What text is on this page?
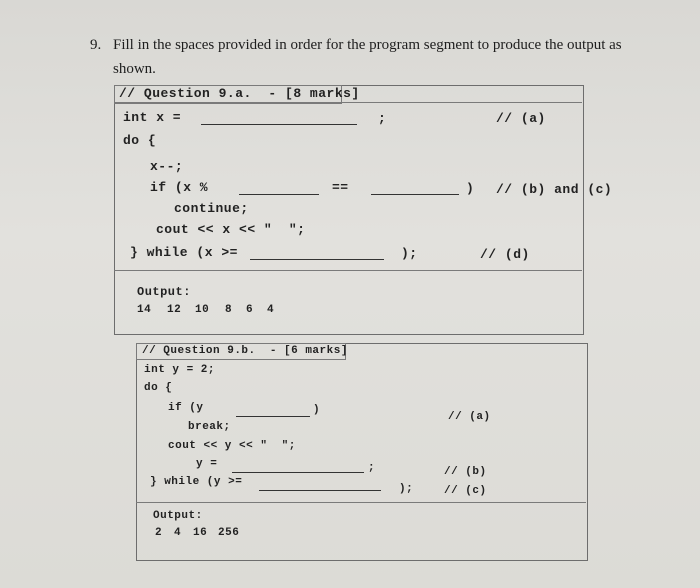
9. Fill in the spaces provided in order for the program segment to produce the output as
shown.
// Question 9.a.  - [8 marks]
int x =	;	// (a)
do {
x--;
if (x %	==	) // (b) and (c)
continue;
cout << x << "  ";
} while (x >=	);	// (d)
Output:
14 12 10 8 6 4
// Question 9.b.  - [6 marks]
int y = 2;
do {
if (y	)
// (a)
break;
cout << y << "  ";
y =	;	// (b)
} while (y >=
);	// (c)
Output:
2 4 16 256
